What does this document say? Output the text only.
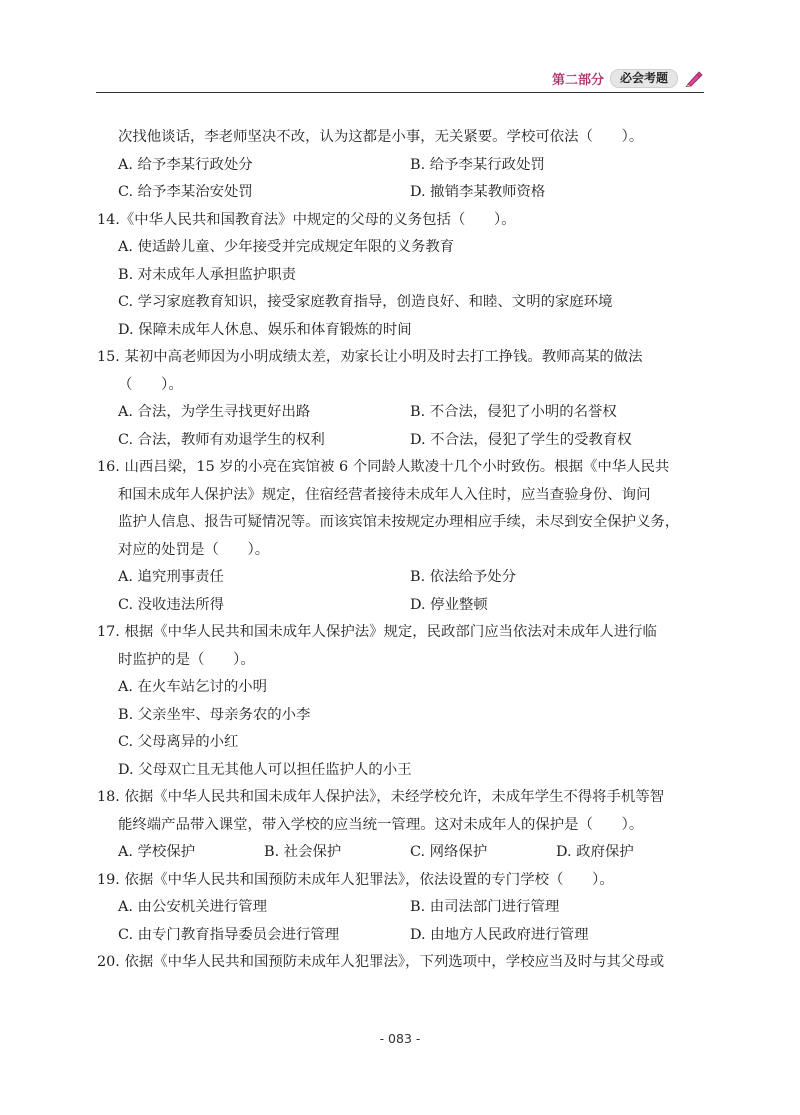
第二部分	必会考题
次找他谈话，李老师坚决不改，认为这都是小事，无关紧要。学校可依法（　　）。
A. 给予李某行政处分	B. 给予李某行政处罚
C. 给予李某治安处罚	D. 撤销李某教师资格
14.《中华人民共和国教育法》中规定的父母的义务包括（　　）。
A. 使适龄儿童、少年接受并完成规定年限的义务教育
B. 对未成年人承担监护职责
C. 学习家庭教育知识，接受家庭教育指导，创造良好、和睦、文明的家庭环境
D. 保障未成年人休息、娱乐和体育锻炼的时间
15. 某初中高老师因为小明成绩太差，劝家长让小明及时去打工挣钱。教师高某的做法
（　　）。
A. 合法，为学生寻找更好出路	B. 不合法，侵犯了小明的名誉权
C. 合法，教师有劝退学生的权利	D. 不合法，侵犯了学生的受教育权
16. 山西吕梁，15 岁的小亮在宾馆被 6 个同龄人欺凌十几个小时致伤。根据《中华人民共
和国未成年人保护法》规定，住宿经营者接待未成年人入住时，应当查验身份、询问
监护人信息、报告可疑情况等。而该宾馆未按规定办理相应手续，未尽到安全保护义务，
对应的处罚是（　　）。
A. 追究刑事责任	B. 依法给予处分
C. 没收违法所得	D. 停业整顿
17. 根据《中华人民共和国未成年人保护法》规定，民政部门应当依法对未成年人进行临
时监护的是（　　）。
A. 在火车站乞讨的小明
B. 父亲坐牢、母亲务农的小李
C. 父母离异的小红
D. 父母双亡且无其他人可以担任监护人的小王
18. 依据《中华人民共和国未成年人保护法》，未经学校允许，未成年学生不得将手机等智
能终端产品带入课堂，带入学校的应当统一管理。这对未成年人的保护是（　　）。
A. 学校保护	B. 社会保护	C. 网络保护	D. 政府保护
19. 依据《中华人民共和国预防未成年人犯罪法》，依法设置的专门学校（　　）。
A. 由公安机关进行管理	B. 由司法部门进行管理
C. 由专门教育指导委员会进行管理	D. 由地方人民政府进行管理
20. 依据《中华人民共和国预防未成年人犯罪法》，下列选项中，学校应当及时与其父母或
- 083 -
